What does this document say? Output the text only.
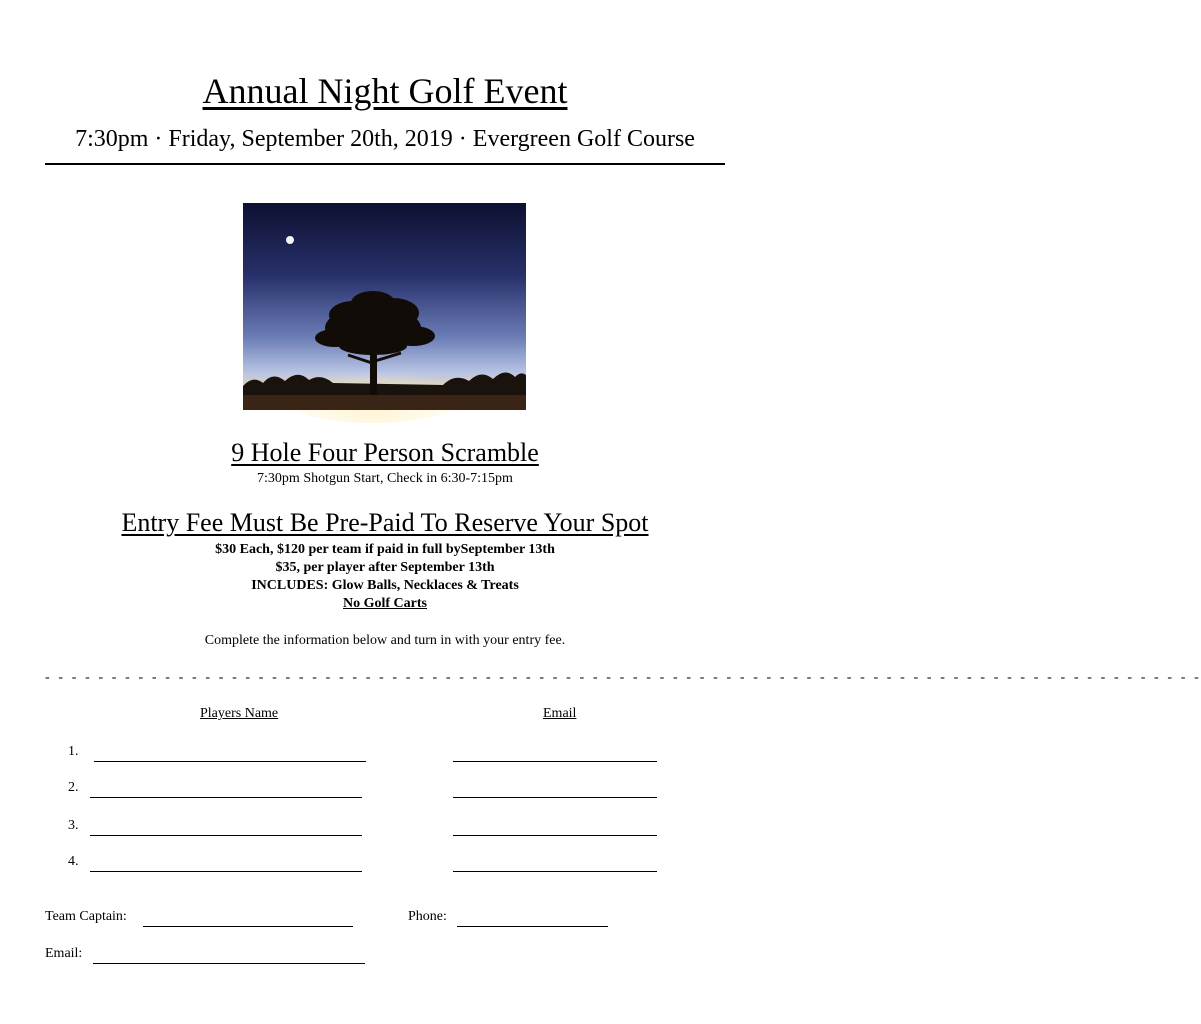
Annual Night Golf Event
7:30pm · Friday, September 20th, 2019 · Evergreen Golf Course
9 Hole Four Person Scramble
7:30pm Shotgun Start, Check in 6:30-7:15pm
Entry Fee Must Be Pre-Paid To Reserve Your Spot
$30 Each, $120 per team if paid in full bySeptember 13th
$35, per player after September 13th
INCLUDES: Glow Balls, Necklaces & Treats
No Golf Carts
Complete the information below and turn in with your entry fee.
- - - - - - - - - - - - - - - - - - - - - - - - - - - - - - - - - - - - - - - - - - - - - - - - - - - - - - - - - - - - - - - - - - - - - - - - - - - - - - - - - - - - - - -
Players Name	Email
1.
2.
3.
4.
Team Captain:	Phone:
Email:
